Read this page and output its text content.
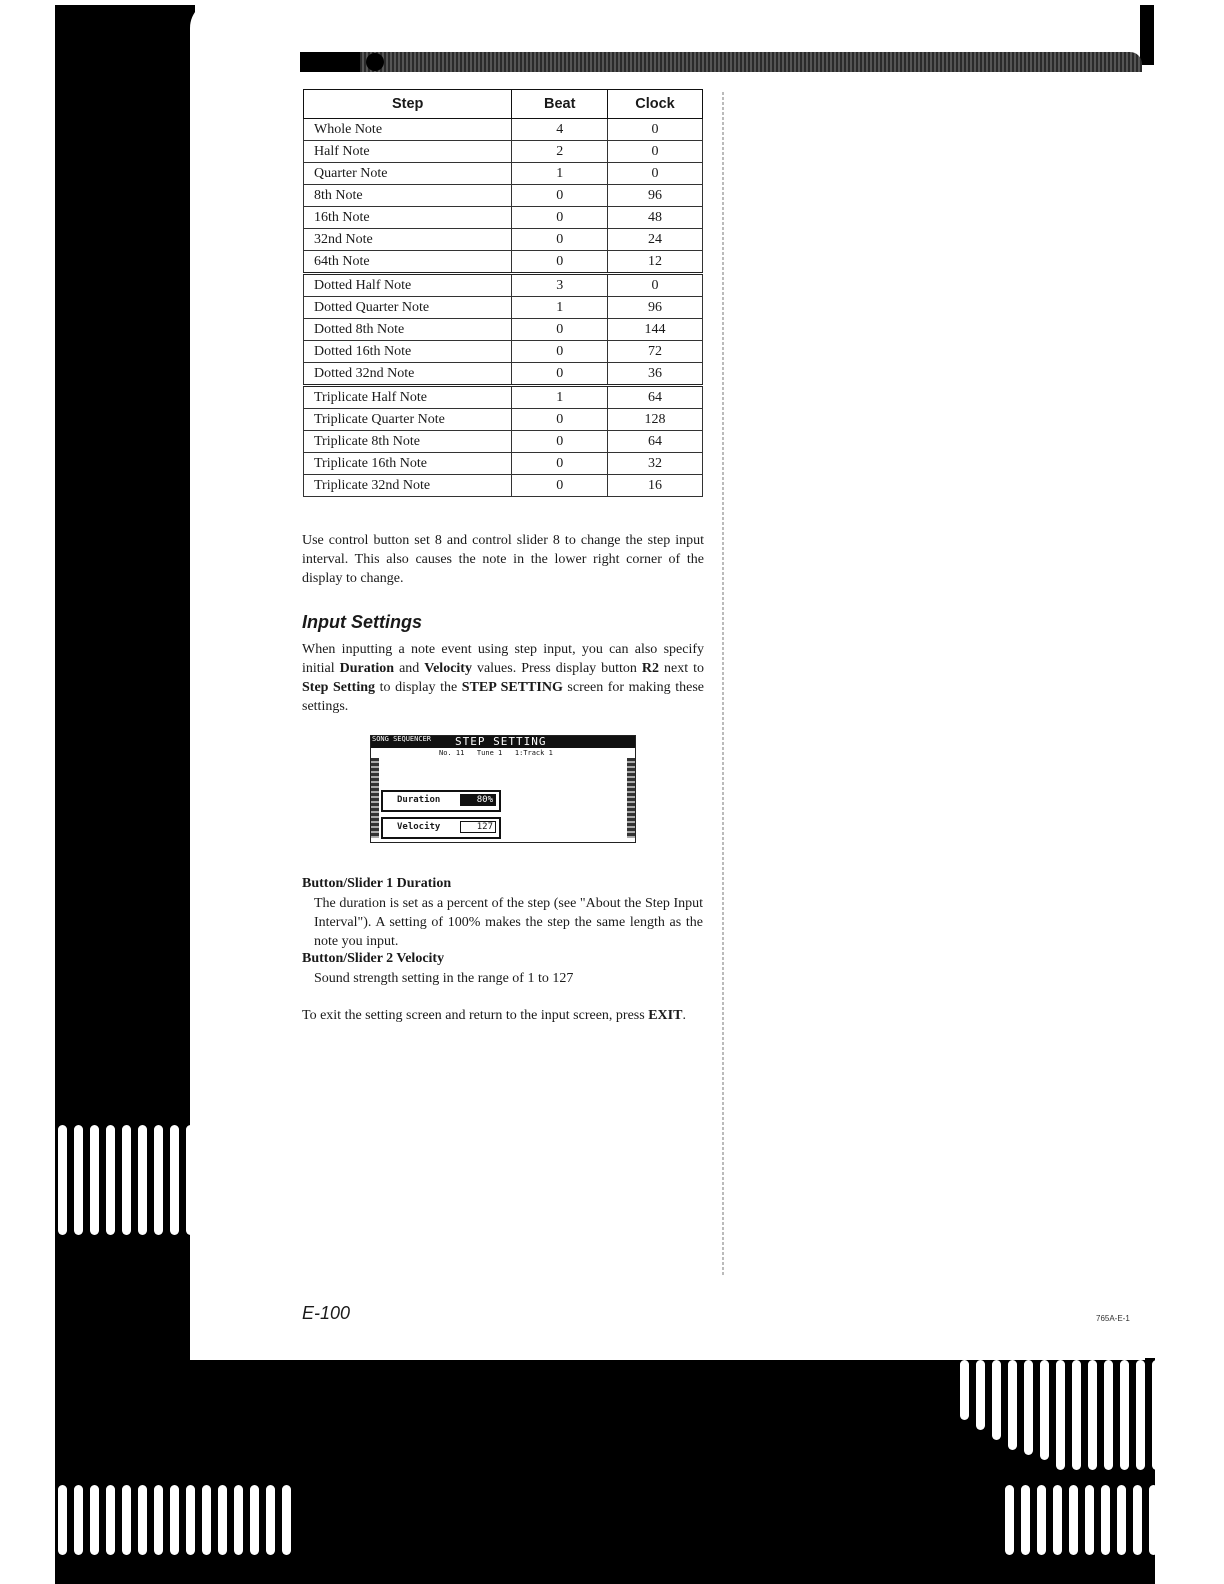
Step	Beat	Clock
Whole Note	4	0
Half Note	2	0
Quarter Note	1	0
8th Note	0	96
16th Note	0	48
32nd Note	0	24
64th Note	0	12
Dotted Half Note	3	0
Dotted Quarter Note	1	96
Dotted 8th Note	0	144
Dotted 16th Note	0	72
Dotted 32nd Note	0	36
Triplicate Half Note	1	64
Triplicate Quarter Note	0	128
Triplicate 8th Note	0	64
Triplicate 16th Note	0	32
Triplicate 32nd Note	0	16

Use control button set 8 and control slider 8 to change the step input interval. This also causes the note in the lower right corner of the display to change.

Input Settings

When inputting a note event using step input, you can also specify initial Duration and Velocity values. Press display button R2 next to Step Setting to display the STEP SETTING screen for making these settings.

SONG SEQUENCER STEP SETTING
No. 11   Tune 1   1:Track 1
Duration	80%
Velocity	127
Button/Slider 1 Duration

The duration is set as a percent of the step (see "About the Step Input Interval"). A setting of 100% makes the step the same length as the note you input.

Button/Slider 2 Velocity

Sound strength setting in the range of 1 to 127

To exit the setting screen and return to the input screen, press EXIT.

E-100	765A-E-1
